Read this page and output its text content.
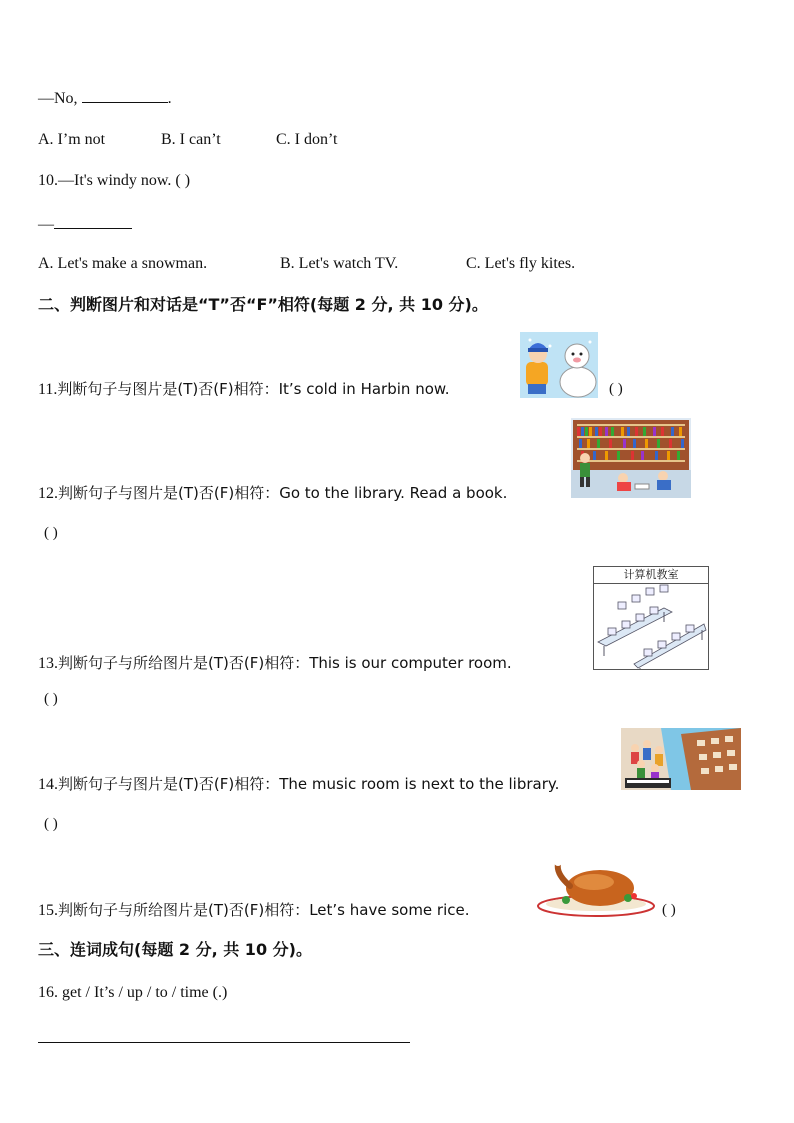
—No,	.
A. I’m not	B. I can’t	C. I don’t
10.—It's windy now. ( )
—
A. Let's make a snowman.	B. Let's watch TV.	C. Let's fly kites.
二、判断图片和对话是“T”否“F”相符(每题 2 分, 共 10 分)。
11.判断句子与图片是(T)否(F)相符：It’s cold in Harbin now.	( )
12.判断句子与图片是(T)否(F)相符：Go to the library. Read a book.
( )
13.判断句子与所给图片是(T)否(F)相符：This is our computer room.
计算机教室
( )
14.判断句子与图片是(T)否(F)相符：The music room is next to the library.
( )
15.判断句子与所给图片是(T)否(F)相符：Let’s have some rice.	( )
三、连词成句(每题 2 分, 共 10 分)。
16. get / It’s / up / to / time (.)
